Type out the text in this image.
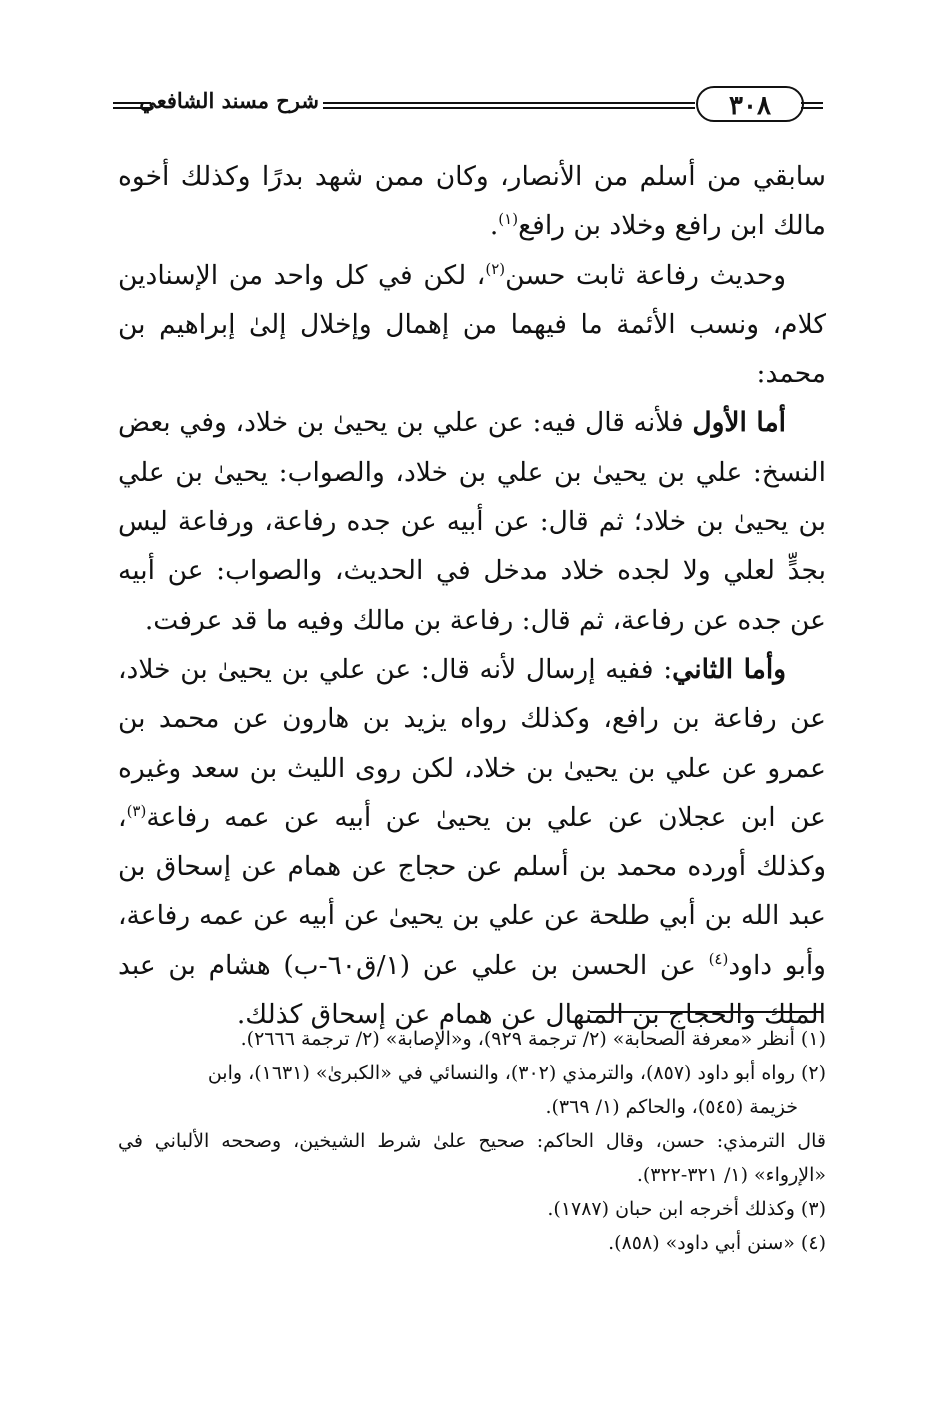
شرح مسند الشافعي	٣٠٨

سابقي من أسلم من الأنصار، وكان ممن شهد بدرًا وكذلك أخوه مالك ابن رافع وخلاد بن رافع$^{(١)}$.

وحديث رفاعة ثابت حسن$^{(٢)}$، لكن في كل واحد من الإسنادين كلام، ونسب الأئمة ما فيهما من إهمال وإخلال إلىٰ إبراهيم بن محمد:

أما الأول فلأنه قال فيه: عن علي بن يحيىٰ بن خلاد، وفي بعض النسخ: علي بن يحيىٰ بن علي بن خلاد، والصواب: يحيىٰ بن علي بن يحيىٰ بن خلاد؛ ثم قال: عن أبيه عن جده رفاعة، ورفاعة ليس بجدٍّ لعلي ولا لجده خلاد مدخل في الحديث، والصواب: عن أبيه عن جده عن رفاعة، ثم قال: رفاعة بن مالك وفيه ما قد عرفت.

وأما الثاني: ففيه إرسال لأنه قال: عن علي بن يحيىٰ بن خلاد، عن رفاعة بن رافع، وكذلك رواه يزيد بن هارون عن محمد بن عمرو عن علي بن يحيىٰ بن خلاد، لكن روى الليث بن سعد وغيره عن ابن عجلان عن علي بن يحيىٰ عن أبيه عن عمه رفاعة$^{(٣)}$، وكذلك أورده محمد بن أسلم عن حجاج عن همام عن إسحاق بن عبد الله بن أبي طلحة عن علي بن يحيىٰ عن أبيه عن عمه رفاعة، وأبو داود$^{(٤)}$ عن الحسن بن علي عن (١/ق٦٠-ب) هشام بن عبد الملك والحجاج بن المنهال عن همام عن إسحاق كذلك.

(١) أنظر «معرفة الصحابة» (٢/ ترجمة ٩٢٩)، و«الإصابة» (٢/ ترجمة ٢٦٦٦).

(٢) رواه أبو داود (٨٥٧)، والترمذي (٣٠٢)، والنسائي في «الكبرىٰ» (١٦٣١)، وابن

خزيمة (٥٤٥)، والحاكم (١/ ٣٦٩).

قال الترمذي: حسن، وقال الحاكم: صحيح علىٰ شرط الشيخين، وصححه الألباني في «الإرواء» (١/ ٣٢١-٣٢٢).

(٣) وكذلك أخرجه ابن حبان (١٧٨٧).

(٤) «سنن أبي داود» (٨٥٨).
